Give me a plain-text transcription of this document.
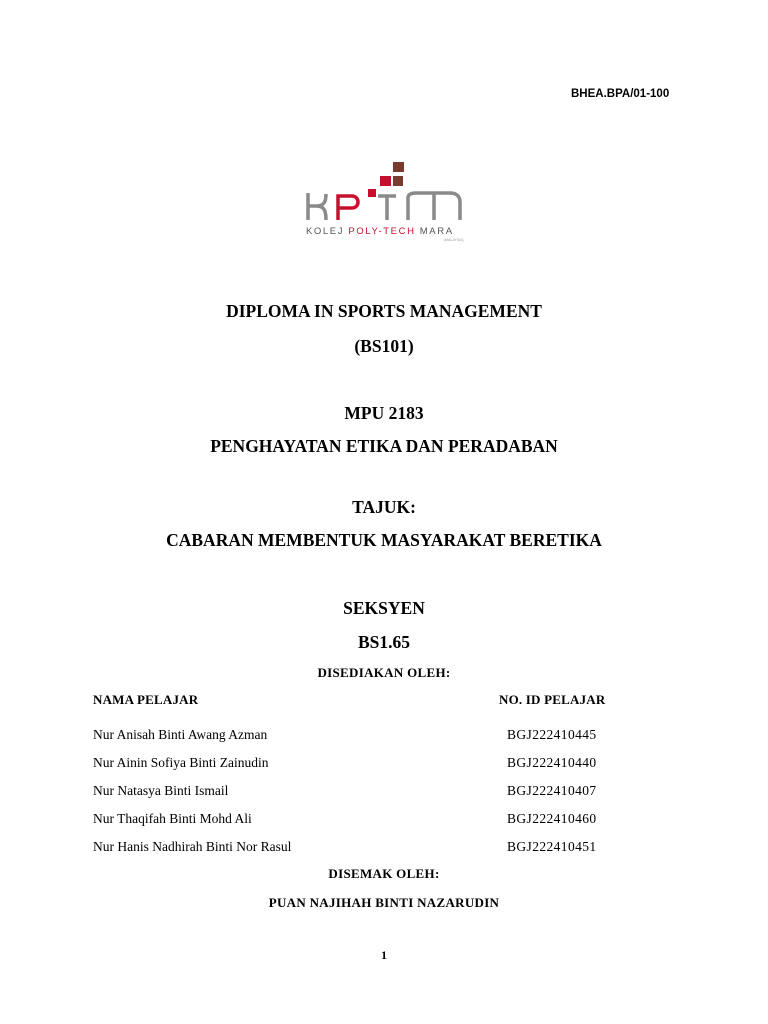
BHEA.BPA/01-100
KOLEJ POLY-TECH MARA
(MALAYSIA)
DIPLOMA IN SPORTS MANAGEMENT
(BS101)
MPU 2183
PENGHAYATAN ETIKA DAN PERADABAN
TAJUK:
CABARAN MEMBENTUK MASYARAKAT BERETIKA
SEKSYEN
BS1.65
DISEDIAKAN OLEH:
NAMA PELAJAR	NO. ID PELAJAR
Nur Anisah Binti Awang Azman	BGJ222410445
Nur Ainin Sofiya Binti Zainudin	BGJ222410440
Nur Natasya Binti Ismail	BGJ222410407
Nur Thaqifah Binti Mohd Ali	BGJ222410460
Nur Hanis Nadhirah Binti Nor Rasul	BGJ222410451
DISEMAK OLEH:
PUAN NAJIHAH BINTI NAZARUDIN
1
